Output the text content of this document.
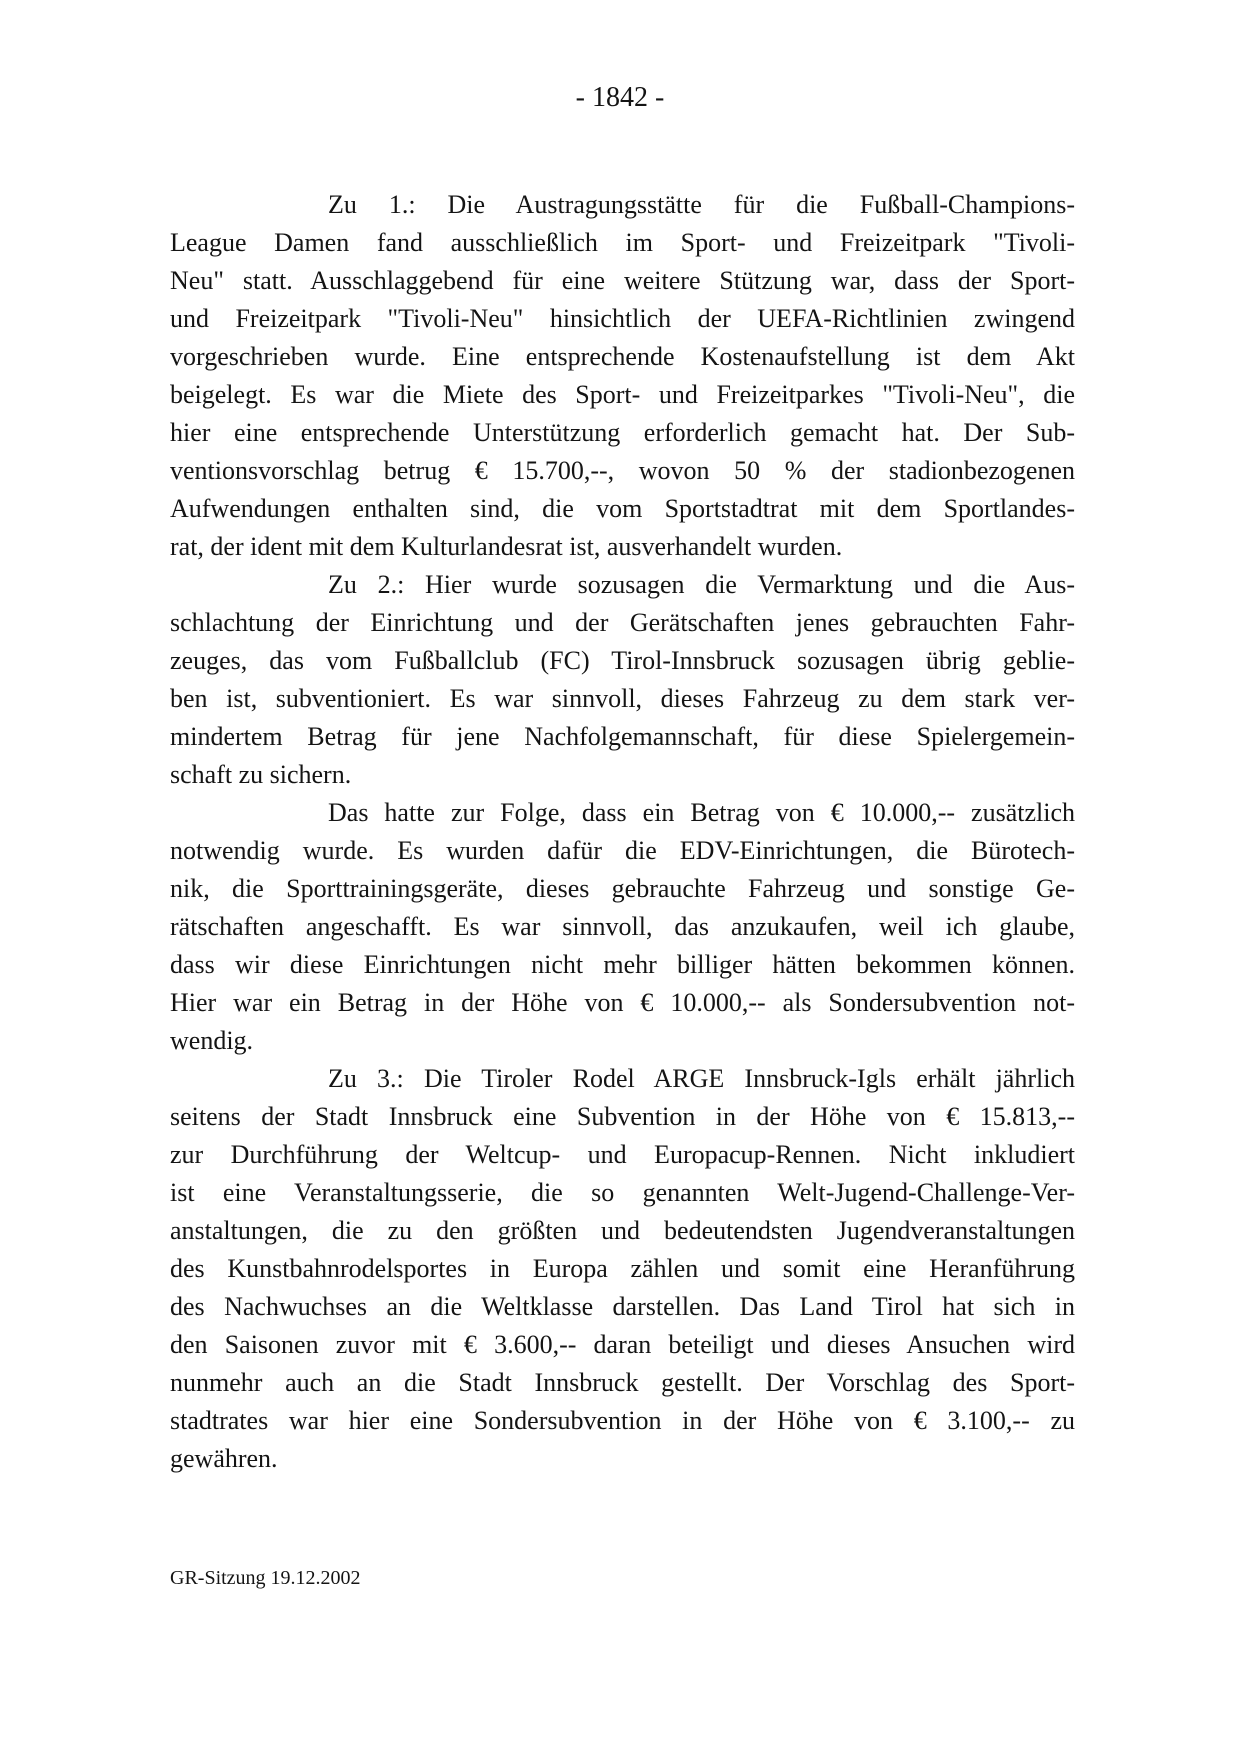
- 1842 -
Zu 1.: Die Austragungsstätte für die Fußball-Champions-
League Damen fand ausschließlich im Sport- und Freizeitpark "Tivoli-
Neu" statt. Ausschlaggebend für eine weitere Stützung war, dass der Sport-
und Freizeitpark "Tivoli-Neu" hinsichtlich der UEFA-Richtlinien zwingend
vorgeschrieben wurde. Eine entsprechende Kostenaufstellung ist dem Akt
beigelegt. Es war die Miete des Sport- und Freizeitparkes "Tivoli-Neu", die
hier eine entsprechende Unterstützung erforderlich gemacht hat. Der Sub-
ventionsvorschlag betrug € 15.700,--, wovon 50 % der stadionbezogenen
Aufwendungen enthalten sind, die vom Sportstadtrat mit dem Sportlandes-
rat, der ident mit dem Kulturlandesrat ist, ausverhandelt wurden.
Zu 2.: Hier wurde sozusagen die Vermarktung und die Aus-
schlachtung der Einrichtung und der Gerätschaften jenes gebrauchten Fahr-
zeuges, das vom Fußballclub (FC) Tirol-Innsbruck sozusagen übrig geblie-
ben ist, subventioniert. Es war sinnvoll, dieses Fahrzeug zu dem stark ver-
mindertem Betrag für jene Nachfolgemannschaft, für diese Spielergemein-
schaft zu sichern.
Das hatte zur Folge, dass ein Betrag von € 10.000,-- zusätzlich
notwendig wurde. Es wurden dafür die EDV-Einrichtungen, die Bürotech-
nik, die Sporttrainingsgeräte, dieses gebrauchte Fahrzeug und sonstige Ge-
rätschaften angeschafft. Es war sinnvoll, das anzukaufen, weil ich glaube,
dass wir diese Einrichtungen nicht mehr billiger hätten bekommen können.
Hier war ein Betrag in der Höhe von € 10.000,-- als Sondersubvention not-
wendig.
Zu 3.: Die Tiroler Rodel ARGE Innsbruck-Igls erhält jährlich
seitens der Stadt Innsbruck eine Subvention in der Höhe von € 15.813,--
zur Durchführung der Weltcup- und Europacup-Rennen. Nicht inkludiert
ist eine Veranstaltungsserie, die so genannten Welt-Jugend-Challenge-Ver-
anstaltungen, die zu den größten und bedeutendsten Jugendveranstaltungen
des Kunstbahnrodelsportes in Europa zählen und somit eine Heranführung
des Nachwuchses an die Weltklasse darstellen. Das Land Tirol hat sich in
den Saisonen zuvor mit € 3.600,-- daran beteiligt und dieses Ansuchen wird
nunmehr auch an die Stadt Innsbruck gestellt. Der Vorschlag des Sport-
stadtrates war hier eine Sondersubvention in der Höhe von € 3.100,-- zu
gewähren.
GR-Sitzung 19.12.2002
